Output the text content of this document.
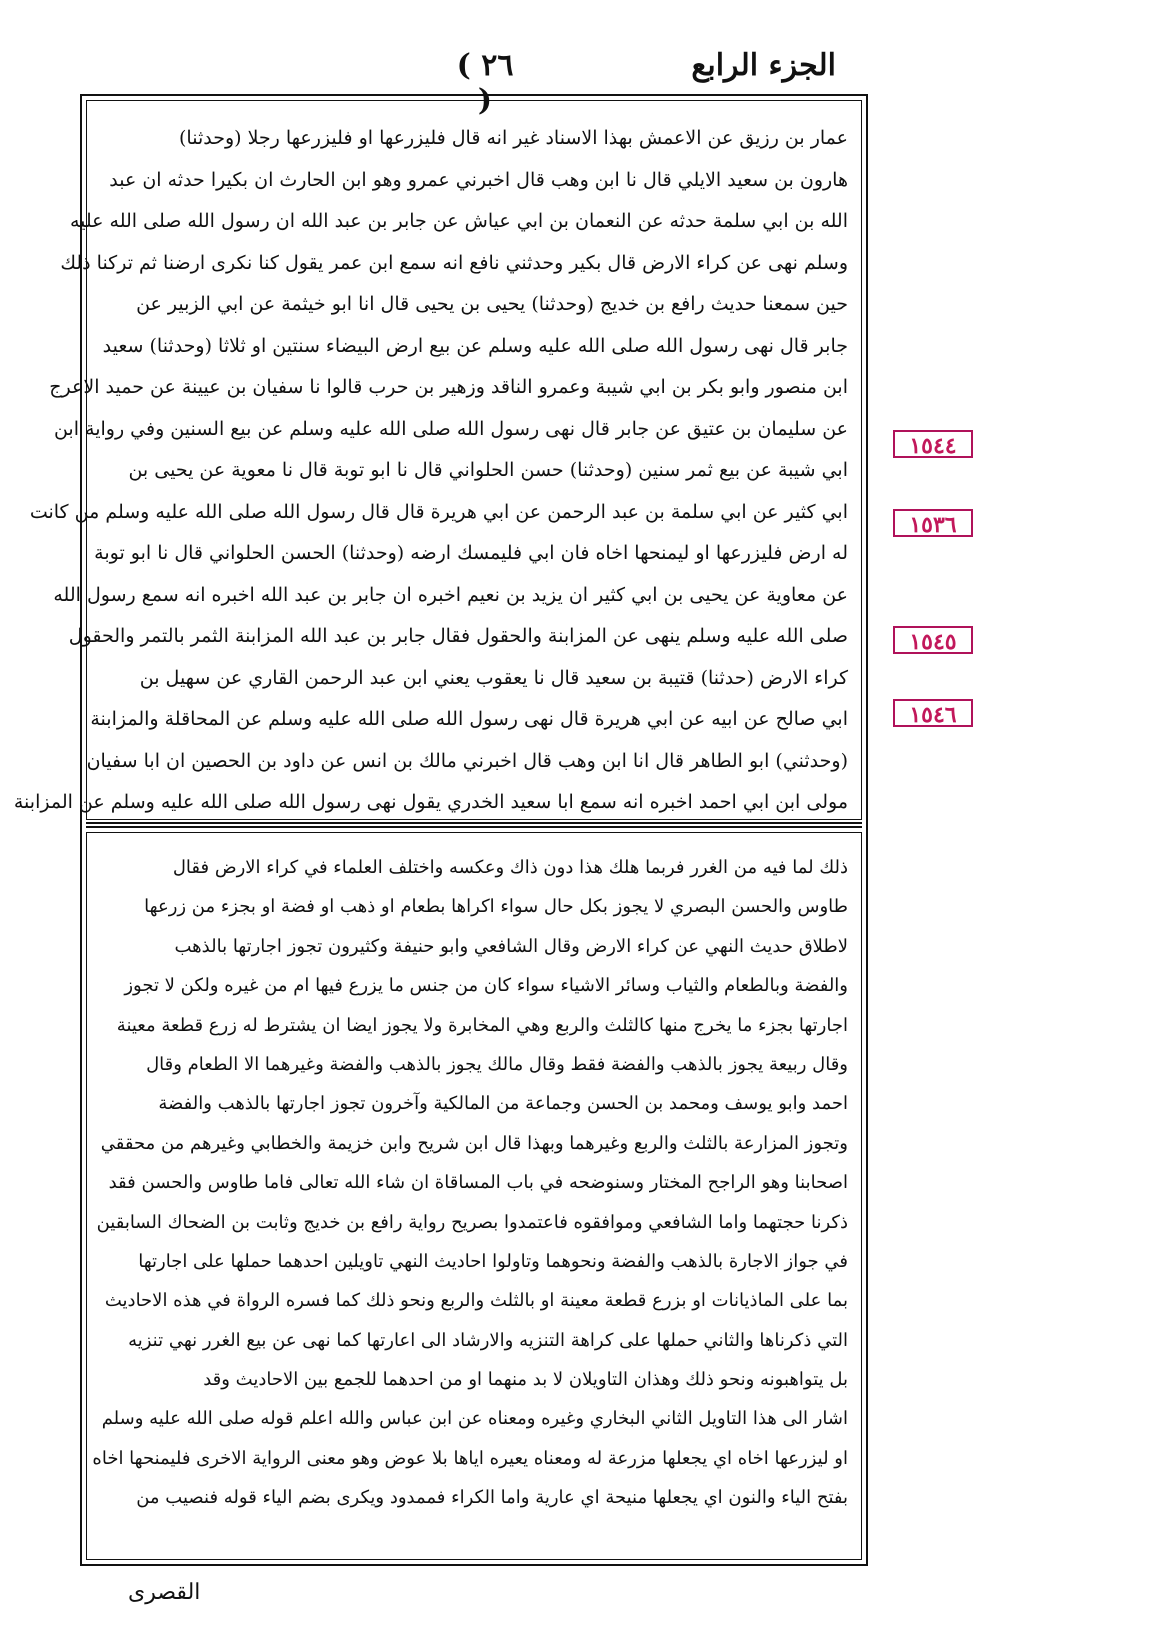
الجزء الرابع
( ٢٦ )
عمار بن رزيق عن الاعمش بهذا الاسناد غير انه قال فليزرعها او فليزرعها رجلا (وحدثنا)
هارون بن سعيد الايلي قال نا ابن وهب قال اخبرني عمرو وهو ابن الحارث ان بكيرا حدثه ان عبد
الله بن ابي سلمة حدثه عن النعمان بن ابي عياش عن جابر بن عبد الله ان رسول الله صلى الله عليه
وسلم نهى عن كراء الارض قال بكير وحدثني نافع انه سمع ابن عمر يقول كنا نكرى ارضنا ثم تركنا ذلك
حين سمعنا حديث رافع بن خديج (وحدثنا) يحيى بن يحيى قال انا ابو خيثمة عن ابي الزبير عن
جابر قال نهى رسول الله صلى الله عليه وسلم عن بيع ارض البيضاء سنتين او ثلاثا (وحدثنا) سعيد
ابن منصور وابو بكر بن ابي شيبة وعمرو الناقد وزهير بن حرب قالوا نا سفيان بن عيينة عن حميد الاعرج
عن سليمان بن عتيق عن جابر قال نهى رسول الله صلى الله عليه وسلم عن بيع السنين وفي رواية ابن
ابي شيبة عن بيع ثمر سنين (وحدثنا) حسن الحلواني قال نا ابو توبة قال نا معوية عن يحيى بن
ابي كثير عن ابي سلمة بن عبد الرحمن عن ابي هريرة قال قال رسول الله صلى الله عليه وسلم من كانت
له ارض فليزرعها او ليمنحها اخاه فان ابي فليمسك ارضه (وحدثنا) الحسن الحلواني قال نا ابو توبة
عن معاوية عن يحيى بن ابي كثير ان يزيد بن نعيم اخبره ان جابر بن عبد الله اخبره انه سمع رسول الله
صلى الله عليه وسلم ينهى عن المزابنة والحقول فقال جابر بن عبد الله المزابنة الثمر بالتمر والحقول
كراء الارض (حدثنا) قتيبة بن سعيد قال نا يعقوب يعني ابن عبد الرحمن القاري عن سهيل بن
ابي صالح عن ابيه عن ابي هريرة قال نهى رسول الله صلى الله عليه وسلم عن المحاقلة والمزابنة
(وحدثني) ابو الطاهر قال انا ابن وهب قال اخبرني مالك بن انس عن داود بن الحصين ان ابا سفيان
مولى ابن ابي احمد اخبره انه سمع ابا سعيد الخدري يقول نهى رسول الله صلى الله عليه وسلم عن المزابنة
١٥٤٤
١٥٣٦
١٥٤٥
١٥٤٦
ذلك لما فيه من الغرر فربما هلك هذا دون ذاك وعكسه واختلف العلماء في كراء الارض فقال
طاوس والحسن البصري لا يجوز بكل حال سواء اكراها بطعام او ذهب او فضة او بجزء من زرعها
لاطلاق حديث النهي عن كراء الارض وقال الشافعي وابو حنيفة وكثيرون تجوز اجارتها بالذهب
والفضة وبالطعام والثياب وسائر الاشياء سواء كان من جنس ما يزرع فيها ام من غيره ولكن لا تجوز
اجارتها بجزء ما يخرج منها كالثلث والربع وهي المخابرة ولا يجوز ايضا ان يشترط له زرع قطعة معينة
وقال ربيعة يجوز بالذهب والفضة فقط وقال مالك يجوز بالذهب والفضة وغيرهما الا الطعام وقال
احمد وابو يوسف ومحمد بن الحسن وجماعة من المالكية وآخرون تجوز اجارتها بالذهب والفضة
وتجوز المزارعة بالثلث والربع وغيرهما وبهذا قال ابن شريح وابن خزيمة والخطابي وغيرهم من محققي
اصحابنا وهو الراجح المختار وسنوضحه في باب المساقاة ان شاء الله تعالى فاما طاوس والحسن فقد
ذكرنا حجتهما واما الشافعي وموافقوه فاعتمدوا بصريح رواية رافع بن خديج وثابت بن الضحاك السابقين
في جواز الاجارة بالذهب والفضة ونحوهما وتاولوا احاديث النهي تاويلين احدهما حملها على اجارتها
بما على الماذيانات او بزرع قطعة معينة او بالثلث والربع ونحو ذلك كما فسره الرواة في هذه الاحاديث
التي ذكرناها والثاني حملها على كراهة التنزيه والارشاد الى اعارتها كما نهى عن بيع الغرر نهي تنزيه
بل يتواهبونه ونحو ذلك وهذان التاويلان لا بد منهما او من احدهما للجمع بين الاحاديث وقد
اشار الى هذا التاويل الثاني البخاري وغيره ومعناه عن ابن عباس والله اعلم قوله صلى الله عليه وسلم
او ليزرعها اخاه اي يجعلها مزرعة له ومعناه يعيره اياها بلا عوض وهو معنى الرواية الاخرى فليمنحها اخاه
بفتح الياء والنون اي يجعلها منيحة اي عارية واما الكراء فممدود ويكرى بضم الياء قوله فنصيب من
القصرى
